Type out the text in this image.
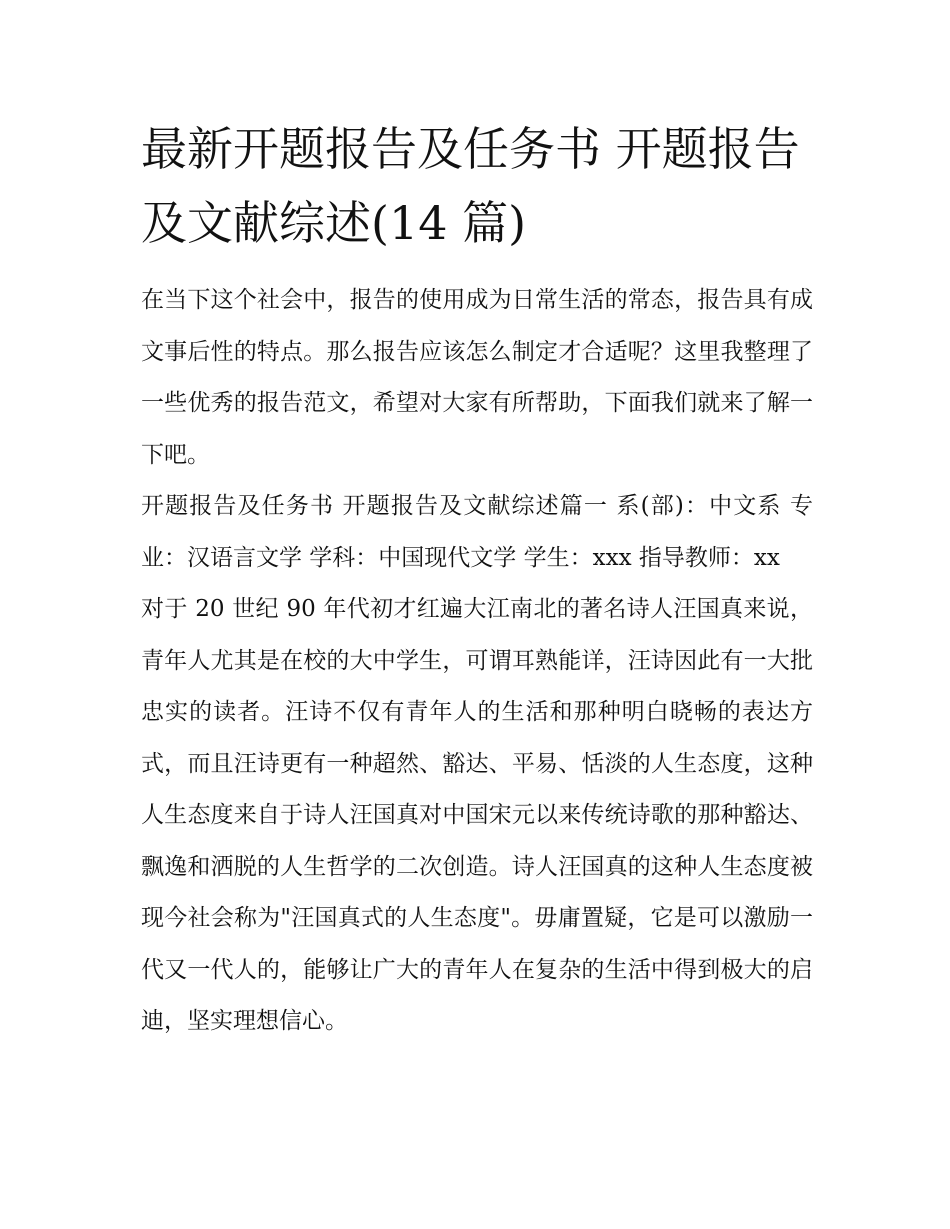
最新开题报告及任务书 开题报告及文献综述(14 篇)

在当下这个社会中，报告的使用成为日常生活的常态，报告具有成文事后性的特点。那么报告应该怎么制定才合适呢？这里我整理了一些优秀的报告范文，希望对大家有所帮助，下面我们就来了解一下吧。

开题报告及任务书 开题报告及文献综述篇一 系(部)：中文系 专业：汉语言文学 学科：中国现代文学 学生：xxx 指导教师：xx

对于 20 世纪 90 年代初才红遍大江南北的著名诗人汪国真来说，青年人尤其是在校的大中学生，可谓耳熟能详，汪诗因此有一大批忠实的读者。汪诗不仅有青年人的生活和那种明白晓畅的表达方式，而且汪诗更有一种超然、豁达、平易、恬淡的人生态度，这种人生态度来自于诗人汪国真对中国宋元以来传统诗歌的那种豁达、飘逸和洒脱的人生哲学的二次创造。诗人汪国真的这种人生态度被现今社会称为"汪国真式的人生态度"。毋庸置疑，它是可以激励一代又一代人的，能够让广大的青年人在复杂的生活中得到极大的启迪，坚实理想信心。
